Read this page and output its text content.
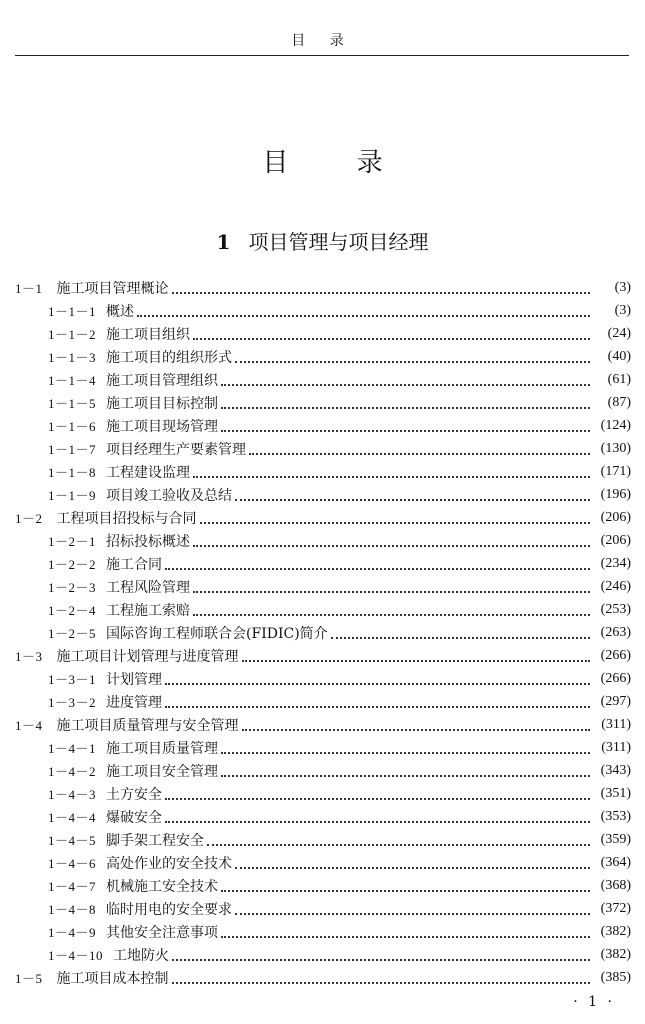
目 录
目 录
1 项目管理与项目经理
1－1 施工项目管理概论	(3)
1－1－1 概述	(3)
1－1－2 施工项目组织	(24)
1－1－3 施工项目的组织形式	(40)
1－1－4 施工项目管理组织	(61)
1－1－5 施工项目目标控制	(87)
1－1－6 施工项目现场管理	(124)
1－1－7 项目经理生产要素管理	(130)
1－1－8 工程建设监理	(171)
1－1－9 项目竣工验收及总结	(196)
1－2 工程项目招投标与合同	(206)
1－2－1 招标投标概述	(206)
1－2－2 施工合同	(234)
1－2－3 工程风险管理	(246)
1－2－4 工程施工索赔	(253)
1－2－5 国际咨询工程师联合会(FIDIC)简介	(263)
1－3 施工项目计划管理与进度管理	(266)
1－3－1 计划管理	(266)
1－3－2 进度管理	(297)
1－4 施工项目质量管理与安全管理	(311)
1－4－1 施工项目质量管理	(311)
1－4－2 施工项目安全管理	(343)
1－4－3 土方安全	(351)
1－4－4 爆破安全	(353)
1－4－5 脚手架工程安全	(359)
1－4－6 高处作业的安全技术	(364)
1－4－7 机械施工安全技术	(368)
1－4－8 临时用电的安全要求	(372)
1－4－9 其他安全注意事项	(382)
1－4－10 工地防火	(382)
1－5 施工项目成本控制	(385)
· 1 ·
